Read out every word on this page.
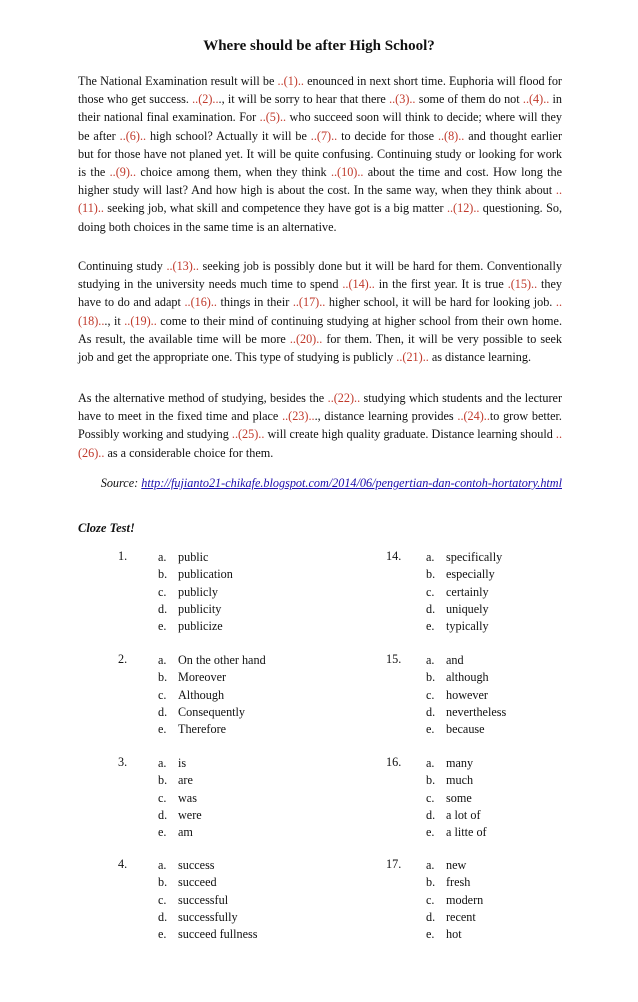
Where should be after High School?
The National Examination result will be ..(1).. enounced in next short time. Euphoria will flood for those who get success. ..(2)..., it will be sorry to hear that there ..(3).. some of them do not ..(4).. in their national final examination. For ..(5).. who succeed soon will think to decide; where will they be after ..(6).. high school? Actually it will be ..(7).. to decide for those ..(8).. and thought earlier but for those have not planed yet. It will be quite confusing. Continuing study or looking for work is the ..(9).. choice among them, when they think ..(10).. about the time and cost. How long the higher study will last? And how high is about the cost. In the same way, when they think about ..(11).. seeking job, what skill and competence they have got is a big matter ..(12).. questioning. So, doing both choices in the same time is an alternative.
Continuing study ..(13).. seeking job is possibly done but it will be hard for them. Conventionally studying in the university needs much time to spend ..(14).. in the first year. It is true .(15).. they have to do and adapt ..(16).. things in their ..(17).. higher school, it will be hard for looking job. ..(18)..., it ..(19).. come to their mind of continuing studying at higher school from their own home. As result, the available time will be more ..(20).. for them. Then, it will be very possible to seek job and get the appropriate one. This type of studying is publicly ..(21).. as distance learning.
As the alternative method of studying, besides the ..(22).. studying which students and the lecturer have to meet in the fixed time and place ..(23)..., distance learning provides ..(24)..to grow better. Possibly working and studying ..(25).. will create high quality graduate. Distance learning should ..(26).. as a considerable choice for them.
Source: http://fujianto21-chikafe.blogspot.com/2014/06/pengertian-dan-contoh-hortatory.html
Cloze Test!
1.	a. public
b. publication
c. publicly
d. publicity
e. publicize
14. a. specifically
b. especially
c. certainly
d. uniquely
e. typically
2.	a. On the other hand
b. Moreover
c. Although
d. Consequently
e. Therefore
15. a. and
b. although
c. however
d. nevertheless
e. because
3.	a. is
b. are
c. was
d. were
e. am
16. a. many
b. much
c. some
d. a lot of
e. a litte of
4.	a. success
b. succeed
c. successful
d. successfully
e. succeed fullness
17. a. new
b. fresh
c. modern
d. recent
e. hot
